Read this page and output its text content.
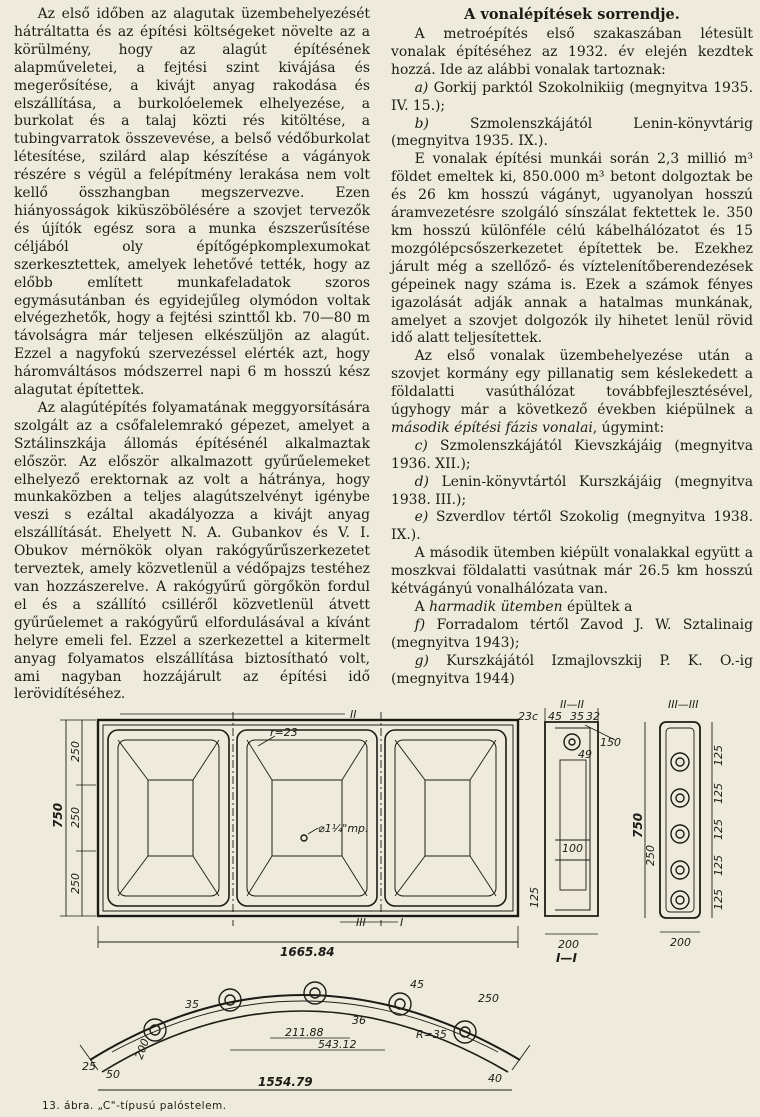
Az első időben az alagutak üzembehelyezését hátráltatta és az építési költségeket növelte az a körülmény, hogy az alagút építésének alapműveletei, a fejtési szint kivájása és megerősítése, a kivájt anyag rakodása és elszállítása, a burkolóelemek elhelyezése, a burkolat és a talaj közti rés kitöltése, a tubingvarratok összevevése, a belső védőburkolat létesítése, szilárd alap készítése a vágányok részére s végül a felépítmény lerakása nem volt kellő összhangban megszervezve. Ezen hiányosságok kiküszöbölésére a szovjet tervezők és újítók egész sora a munka észszerűsítése céljából oly építőgépkomplexumokat szerkesztettek, amelyek lehetővé tették, hogy az előbb említett munkafeladatok szoros egymásutánban és egyidejűleg olymódon voltak elvégezhetők, hogy a fejtési szinttől kb. 70—80 m távolságra már teljesen elkészüljön az alagút. Ezzel a nagyfokú szervezéssel elérték azt, hogy háromváltásos módszerrel napi 6 m hosszú kész alagutat építettek.

Az alagútépítés folyamatának meggyorsítására szolgált az a csőfalelemrakó gépezet, amelyet a Sztálinszkája állomás építésénél alkalmaztak először. Az először alkalmazott gyűrűelemeket elhelyező erektornak az volt a hátránya, hogy munkaközben a teljes alagútszelvényt igénybe veszi s ezáltal akadályozza a kivájt anyag elszállítását. Ehelyett N. A. Gubankov és V. I. Obukov mérnökök olyan rakógyűrűszerkezetet terveztek, amely közvetlenül a védőpajzs testéhez van hozzászerelve. A rakógyűrű görgőkön fordul el és a szállító csilléről közvetlenül átvett gyűrűelemet a rakógyűrű elfordulásával a kívánt helyre emeli fel. Ezzel a szerkezettel a kitermelt anyag folyamatos elszállítása biztosítható volt, ami nagyban hozzájárult az építési idő lerövidítéséhez.

A vonalépítések sorrendje.

A metroépítés első szakaszában létesült vonalak építéséhez az 1932. év elején kezdtek hozzá. Ide az alábbi vonalak tartoznak:

a) Gorkij parktól Szokolnikiig (megnyitva 1935. IV. 15.);

b) Szmolenszkájától Lenin-könyvtárig (megnyitva 1935. IX.).

E vonalak építési munkái során 2,3 millió m³ földet emeltek ki, 850.000 m³ betont dolgoztak be és 26 km hosszú vágányt, ugyanolyan hosszú áramvezetésre szolgáló sínszálat fektettek le. 350 km hosszú különféle célú kábelhálózatot és 15 mozgólépcsőszerkezetet építettek be. Ezekhez járult még a szellőző- és víztelenítőberendezések gépeinek nagy száma is. Ezek a számok fényes igazolását adják annak a hatalmas munkának, amelyet a szovjet dolgozók ily hihetet lenül rövid idő alatt teljesítettek.

Az első vonalak üzembehelyezése után a szovjet kormány egy pillanatig sem késlekedett a földalatti vasúthálózat továbbfejlesztésével, úgyhogy már a következő években kiépülnek a második építési fázis vonalai, úgymint:

c) Szmolenszkájától Kievszkájáig (megnyitva 1936. XII.);

d) Lenin-könyvtártól Kurszkájáig (megnyitva 1938. III.);

e) Szverdlov tértől Szokolig (megnyitva 1938. IX.).

A második ütemben kiépült vonalakkal együtt a moszkvai földalatti vasútnak már 26.5 km hosszú kétvágányú vonalhálózata van.

A harmadik ütemben épültek a

f) Forradalom tértől Zavod J. W. Sztalinaig (megnyitva 1943);

g) Kurszkájától Izmajlovszkij P. K. O.-ig (megnyitva 1944)

r=23
⌀1¼"mp.
II
III	I
1665.84
750
250
250
250
II—II
23c 45 35 32
49
150
100
125
200
I—I
III—III
750
250
125
125
125
125
125
200
35
200
211.88
543.12
36
250
R=35
45
50	40
25
1554.79
13. ábra. „C"-típusú palóstelem.
